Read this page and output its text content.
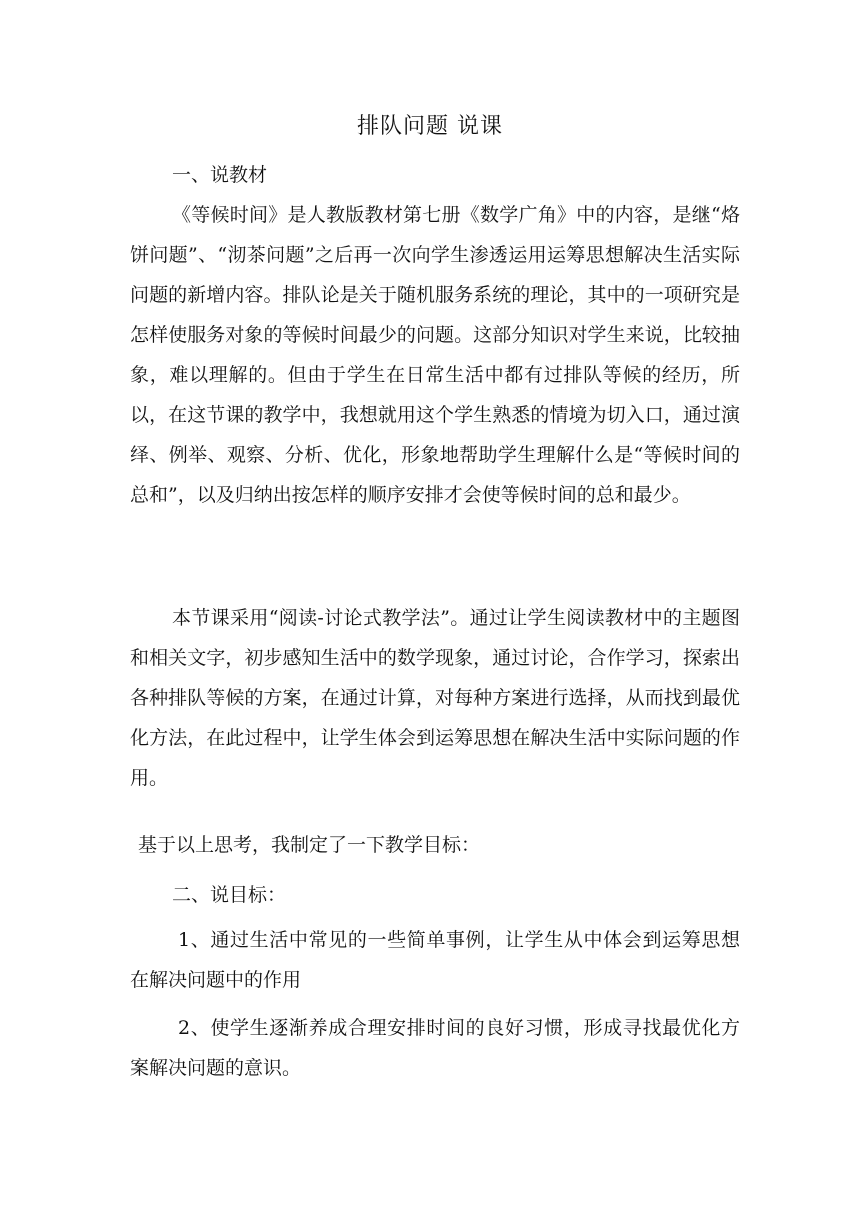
排队问题 说课

一、说教材

《等候时间》是人教版教材第七册《数学广角》中的内容，是继“烙饼问题”、“沏茶问题”之后再一次向学生渗透运用运筹思想解决生活实际问题的新增内容。排队论是关于随机服务系统的理论，其中的一项研究是怎样使服务对象的等候时间最少的问题。这部分知识对学生来说，比较抽象，难以理解的。但由于学生在日常生活中都有过排队等候的经历，所以，在这节课的教学中，我想就用这个学生熟悉的情境为切入口，通过演绎、例举、观察、分析、优化，形象地帮助学生理解什么是“等候时间的总和”，以及归纳出按怎样的顺序安排才会使等候时间的总和最少。

本节课采用“阅读-讨论式教学法”。通过让学生阅读教材中的主题图和相关文字，初步感知生活中的数学现象，通过讨论，合作学习，探索出各种排队等候的方案，在通过计算，对每种方案进行选择，从而找到最优化方法，在此过程中，让学生体会到运筹思想在解决生活中实际问题的作用。

基于以上思考，我制定了一下教学目标：

二、说目标：

1、通过生活中常见的一些简单事例，让学生从中体会到运筹思想在解决问题中的作用

2、使学生逐渐养成合理安排时间的良好习惯，形成寻找最优化方案解决问题的意识。
